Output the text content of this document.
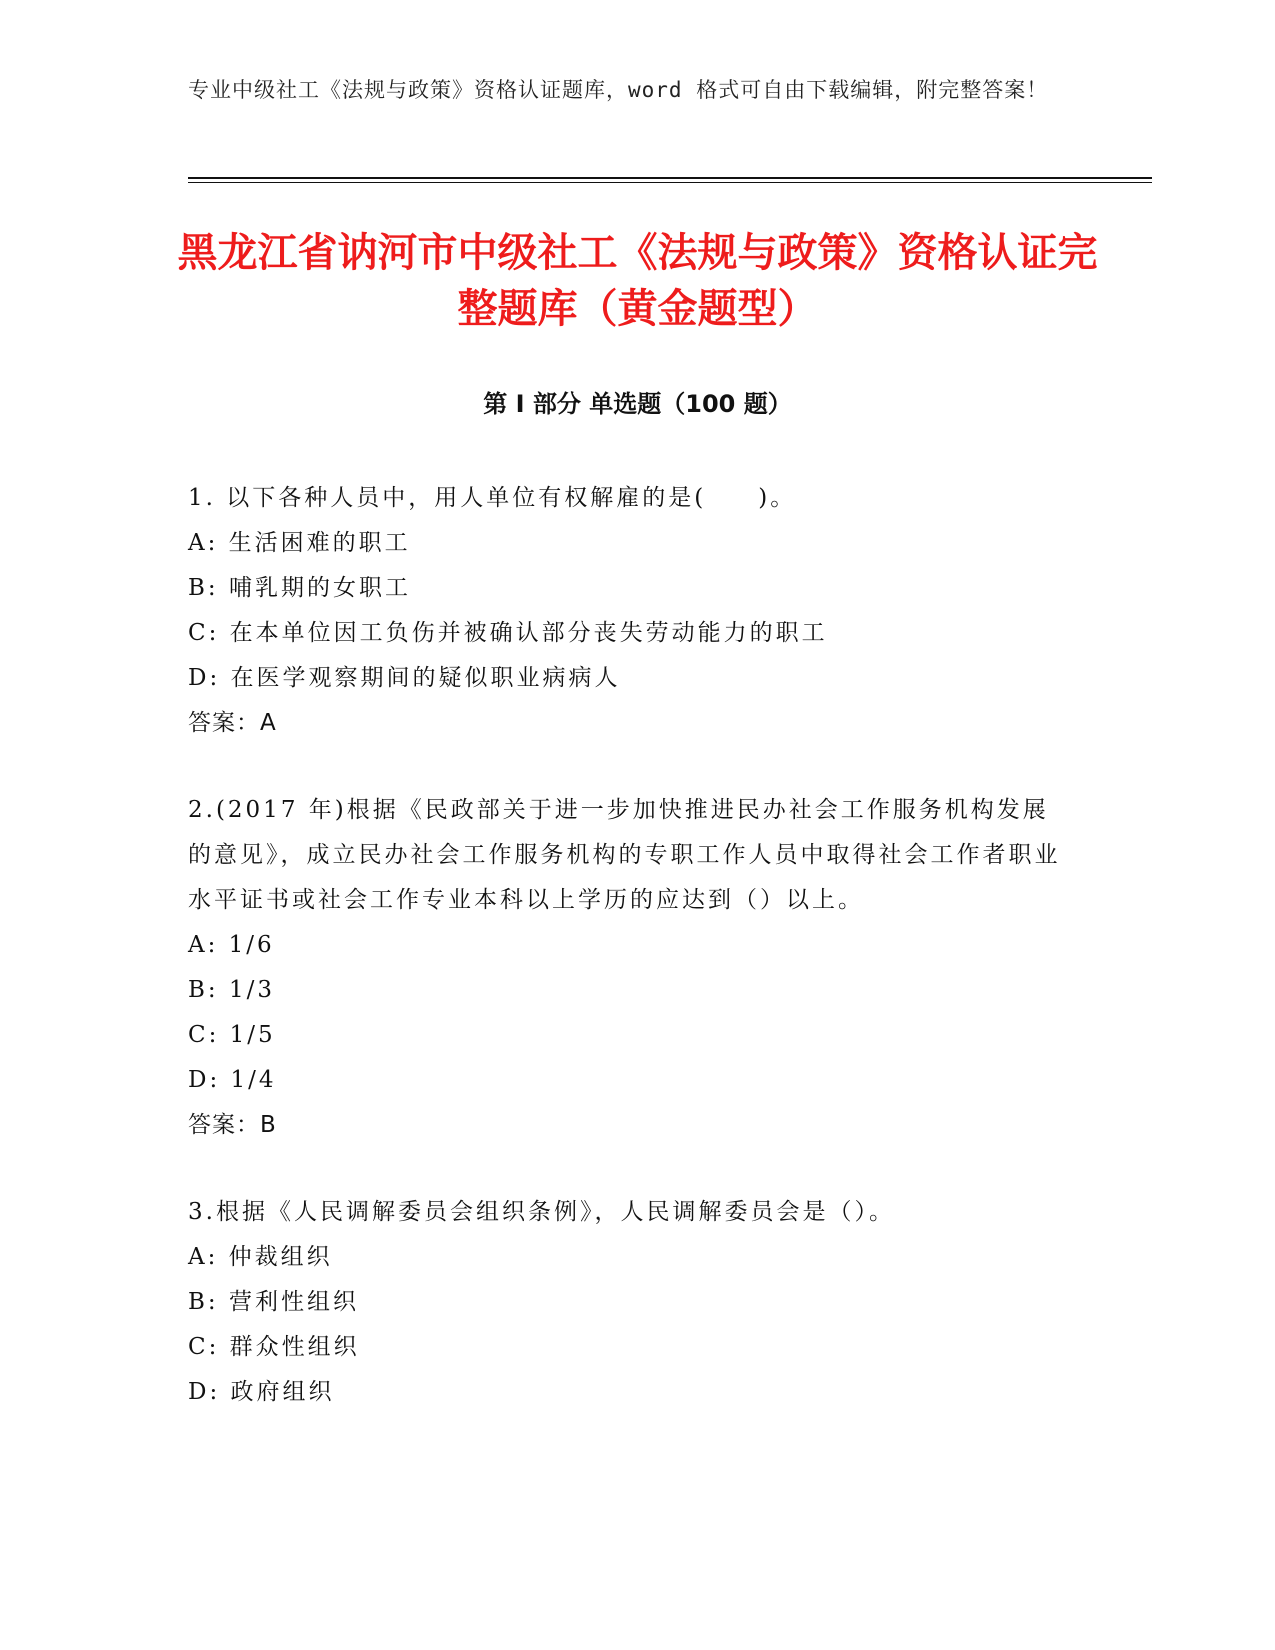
专业中级社工《法规与政策》资格认证题库，word 格式可自由下载编辑，附完整答案！
黑龙江省讷河市中级社工《法规与政策》资格认证完整题库（黄金题型）
第 I 部分 单选题（100 题）
1. 以下各种人员中，用人单位有权解雇的是(　　)。
A: 生活困难的职工
B: 哺乳期的女职工
C: 在本单位因工负伤并被确认部分丧失劳动能力的职工
D: 在医学观察期间的疑似职业病病人
答案：A
2.(2017 年)根据《民政部关于进一步加快推进民办社会工作服务机构发展的意见》，成立民办社会工作服务机构的专职工作人员中取得社会工作者职业水平证书或社会工作专业本科以上学历的应达到（）以上。
A: 1/6
B: 1/3
C: 1/5
D: 1/4
答案：B
3.根据《人民调解委员会组织条例》，人民调解委员会是（）。
A: 仲裁组织
B: 营利性组织
C: 群众性组织
D: 政府组织
